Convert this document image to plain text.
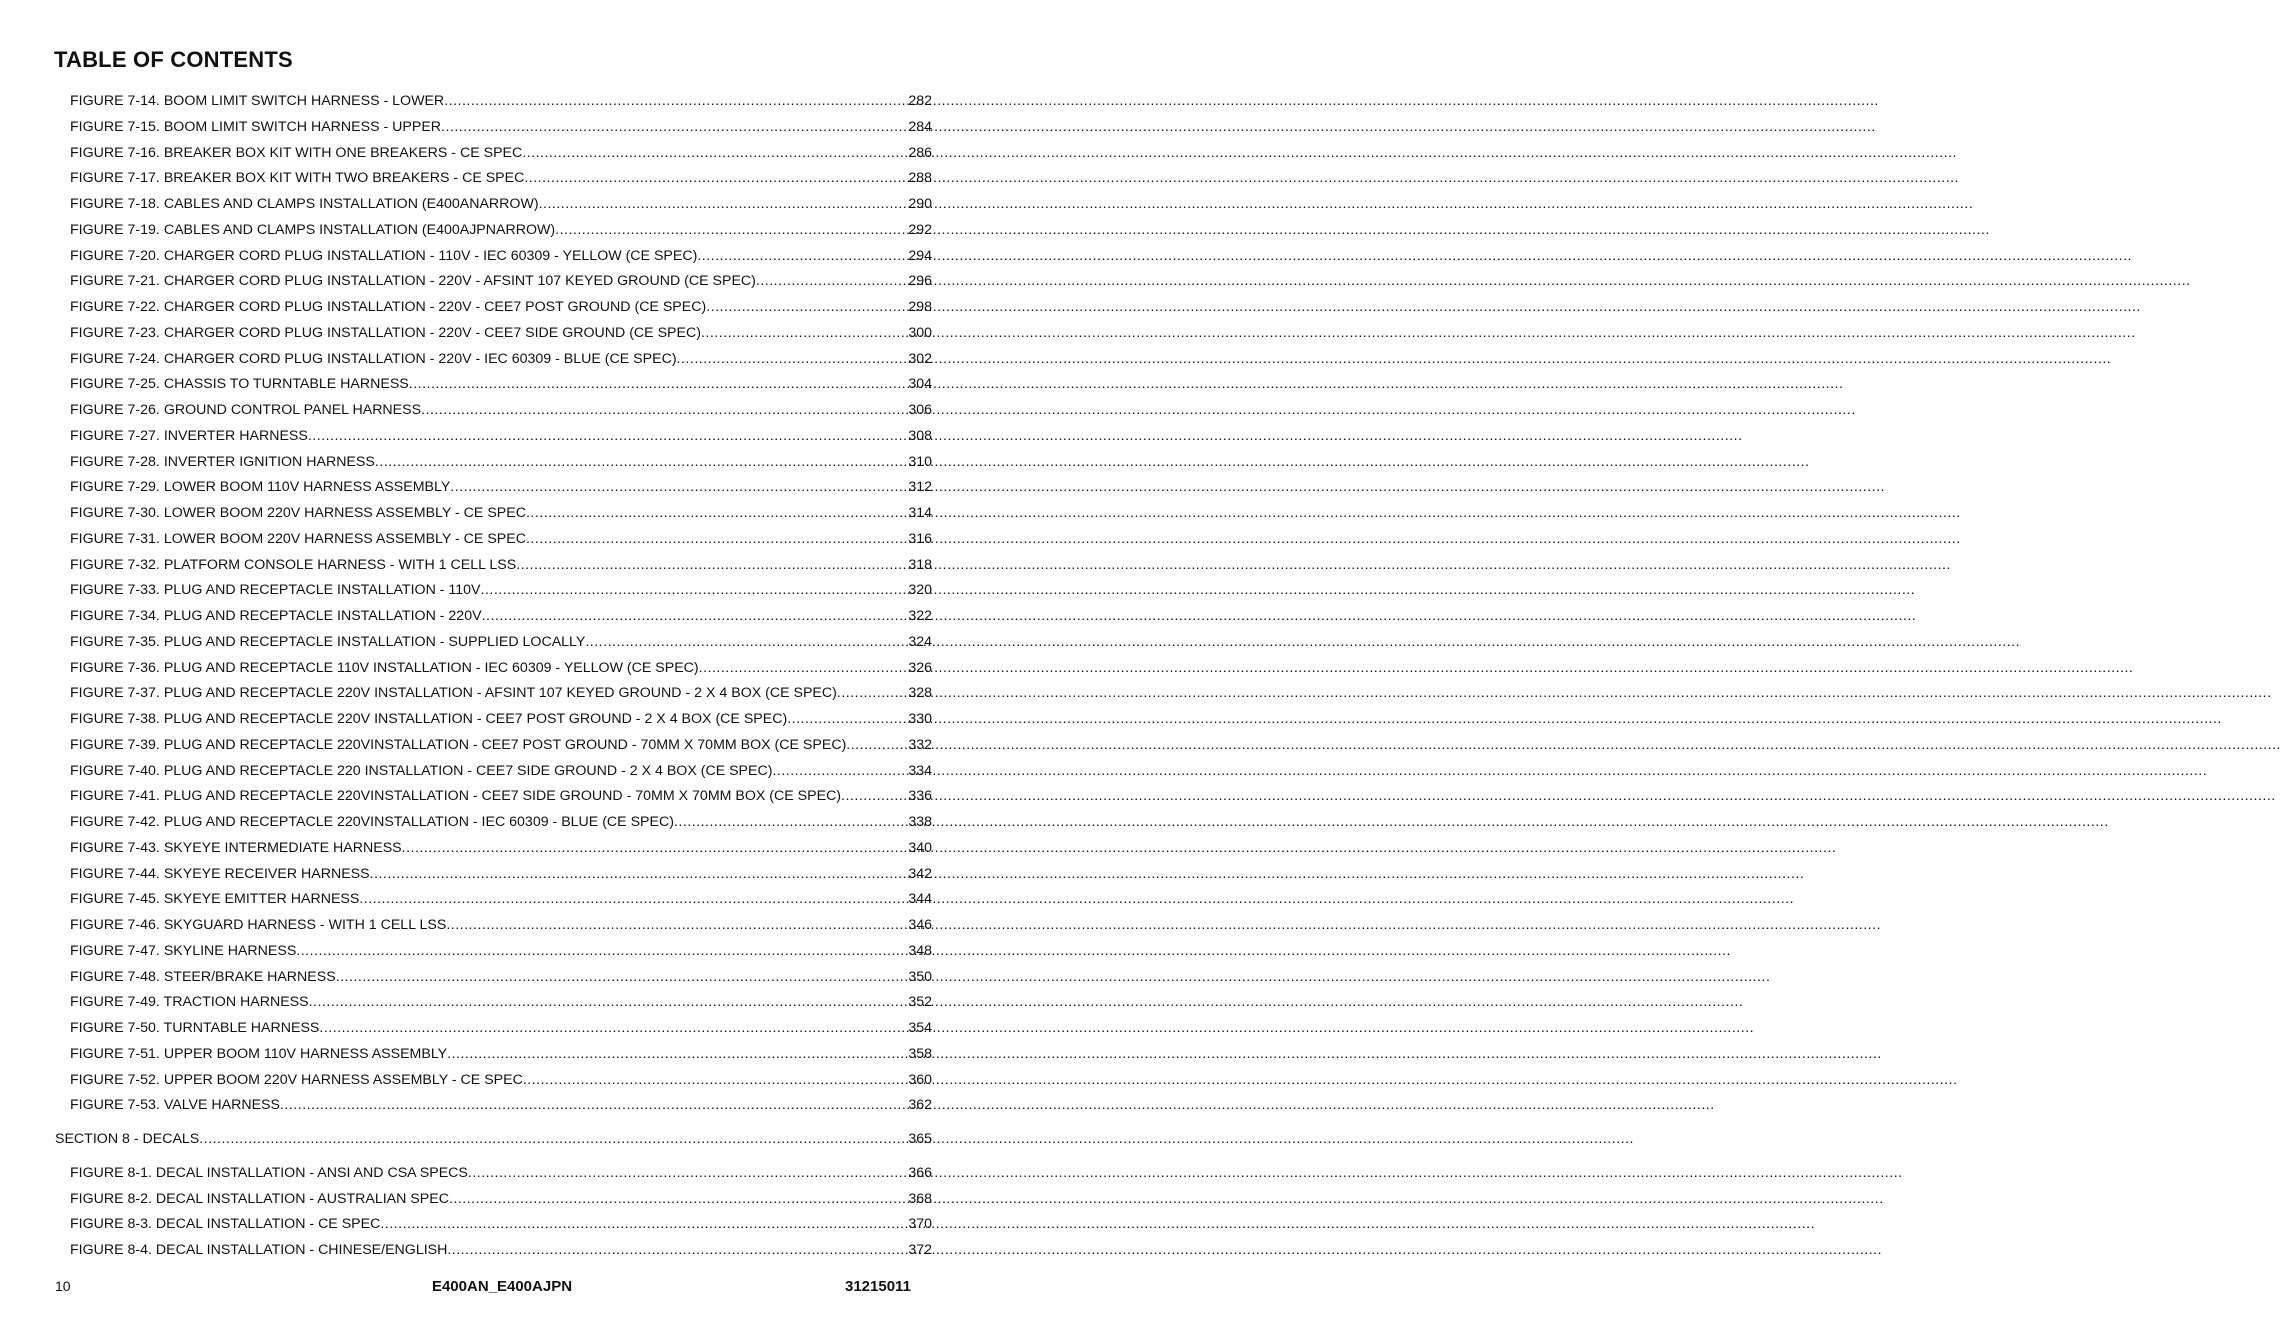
TABLE OF CONTENTS
FIGURE 7-14. BOOM LIMIT SWITCH HARNESS - LOWER .....	282
FIGURE 7-15. BOOM LIMIT SWITCH HARNESS - UPPER .....	284
FIGURE 7-16. BREAKER BOX KIT WITH ONE BREAKERS - CE SPEC .....	286
FIGURE 7-17. BREAKER BOX KIT WITH TWO BREAKERS - CE SPEC .....	288
FIGURE 7-18. CABLES AND CLAMPS INSTALLATION (E400ANARROW) .....	290
FIGURE 7-19. CABLES AND CLAMPS INSTALLATION (E400AJPNARROW) .....	292
FIGURE 7-20. CHARGER CORD PLUG INSTALLATION - 110V - IEC 60309 - YELLOW (CE SPEC) .....	294
FIGURE 7-21. CHARGER CORD PLUG INSTALLATION - 220V - AFSINT 107 KEYED GROUND (CE SPEC) .....	296
FIGURE 7-22. CHARGER CORD PLUG INSTALLATION - 220V - CEE7 POST GROUND (CE SPEC) .....	298
FIGURE 7-23. CHARGER CORD PLUG INSTALLATION - 220V - CEE7 SIDE GROUND (CE SPEC) .....	300
FIGURE 7-24. CHARGER CORD PLUG INSTALLATION - 220V - IEC 60309 - BLUE (CE SPEC) .....	302
FIGURE 7-25. CHASSIS TO TURNTABLE HARNESS .....	304
FIGURE 7-26. GROUND CONTROL PANEL HARNESS .....	306
FIGURE 7-27. INVERTER HARNESS .....	308
FIGURE 7-28. INVERTER IGNITION HARNESS .....	310
FIGURE 7-29. LOWER BOOM 110V HARNESS ASSEMBLY .....	312
FIGURE 7-30. LOWER BOOM 220V HARNESS ASSEMBLY - CE SPEC .....	314
FIGURE 7-31. LOWER BOOM 220V HARNESS ASSEMBLY - CE SPEC .....	316
FIGURE 7-32. PLATFORM CONSOLE HARNESS - WITH 1 CELL LSS .....	318
FIGURE 7-33. PLUG AND RECEPTACLE INSTALLATION - 110V .....	320
FIGURE 7-34. PLUG AND RECEPTACLE INSTALLATION - 220V .....	322
FIGURE 7-35. PLUG AND RECEPTACLE INSTALLATION - SUPPLIED LOCALLY .....	324
FIGURE 7-36. PLUG AND RECEPTACLE 110V INSTALLATION - IEC 60309 - YELLOW (CE SPEC) .....	326
FIGURE 7-37. PLUG AND RECEPTACLE 220V INSTALLATION - AFSINT 107 KEYED GROUND - 2 X 4 BOX (CE SPEC) .....	328
FIGURE 7-38. PLUG AND RECEPTACLE 220V INSTALLATION - CEE7 POST GROUND - 2 X 4 BOX (CE SPEC) .....	330
FIGURE 7-39. PLUG AND RECEPTACLE 220VINSTALLATION - CEE7 POST GROUND - 70MM X 70MM BOX (CE SPEC) .....	332
FIGURE 7-40. PLUG AND RECEPTACLE 220 INSTALLATION - CEE7 SIDE GROUND - 2 X 4 BOX (CE SPEC) .....	334
FIGURE 7-41. PLUG AND RECEPTACLE 220VINSTALLATION - CEE7 SIDE GROUND - 70MM X 70MM BOX (CE SPEC) .....	336
FIGURE 7-42. PLUG AND RECEPTACLE 220VINSTALLATION - IEC 60309 - BLUE (CE SPEC) .....	338
FIGURE 7-43. SKYEYE INTERMEDIATE HARNESS .....	340
FIGURE 7-44. SKYEYE RECEIVER HARNESS .....	342
FIGURE 7-45. SKYEYE EMITTER HARNESS .....	344
FIGURE 7-46. SKYGUARD HARNESS - WITH 1 CELL LSS .....	346
FIGURE 7-47. SKYLINE HARNESS .....	348
FIGURE 7-48. STEER/BRAKE HARNESS .....	350
FIGURE 7-49. TRACTION HARNESS .....	352
FIGURE 7-50. TURNTABLE HARNESS .....	354
FIGURE 7-51. UPPER BOOM 110V HARNESS ASSEMBLY .....	358
FIGURE 7-52. UPPER BOOM 220V HARNESS ASSEMBLY - CE SPEC .....	360
FIGURE 7-53. VALVE HARNESS .....	362
SECTION 8 - DECALS .....	365
FIGURE 8-1. DECAL INSTALLATION - ANSI AND CSA SPECS .....	366
FIGURE 8-2. DECAL INSTALLATION - AUSTRALIAN SPEC .....	368
FIGURE 8-3. DECAL INSTALLATION - CE SPEC .....	370
FIGURE 8-4. DECAL INSTALLATION - CHINESE/ENGLISH .....	372
10	E400AN_E400AJPN	31215011
